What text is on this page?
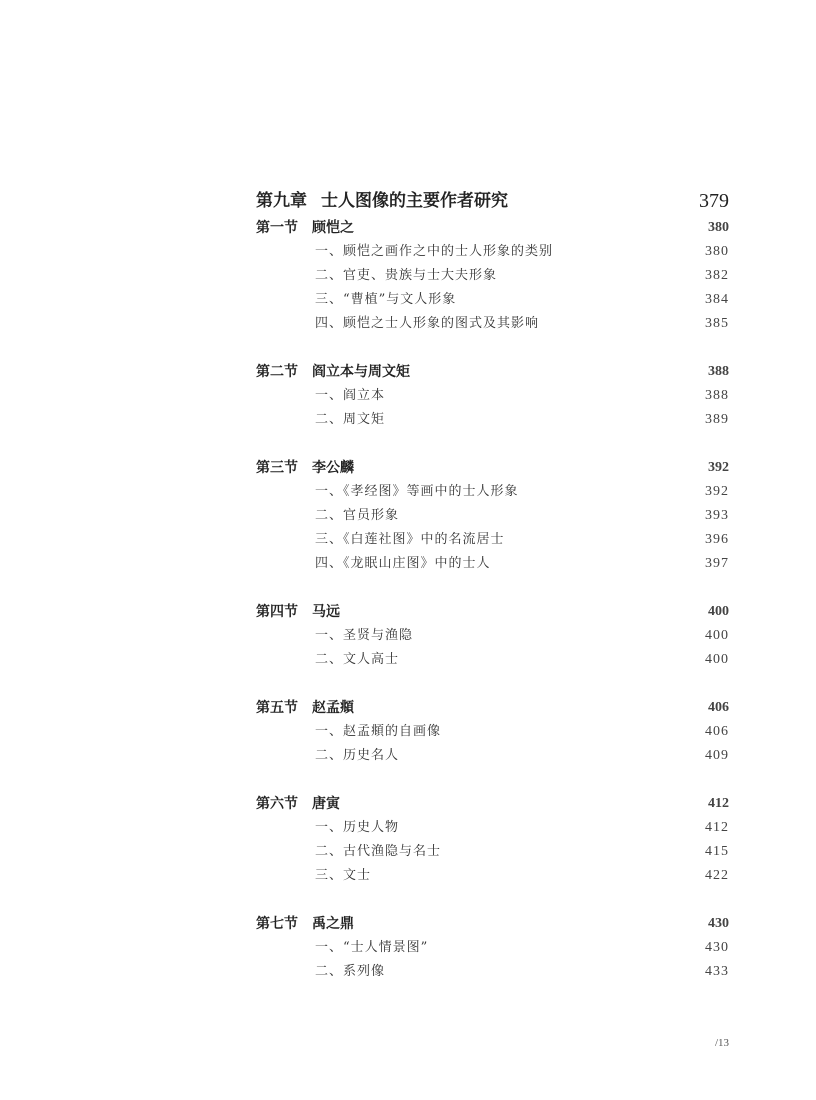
第九章 士人图像的主要作者研究	379
第一节 顾恺之	380
一、顾恺之画作之中的士人形象的类别	380
二、官吏、贵族与士大夫形象	382
三、“曹植”与文人形象	384
四、顾恺之士人形象的图式及其影响	385
第二节 阎立本与周文矩	388
一、阎立本	388
二、周文矩	389
第三节 李公麟	392
一、《孝经图》等画中的士人形象	392
二、官员形象	393
三、《白莲社图》中的名流居士	396
四、《龙眠山庄图》中的士人	397
第四节 马远	400
一、圣贤与渔隐	400
二、文人高士	400
第五节 赵孟頫	406
一、赵孟頫的自画像	406
二、历史名人	409
第六节 唐寅	412
一、历史人物	412
二、古代渔隐与名士	415
三、文士	422
第七节 禹之鼎	430
一、“士人情景图”	430
二、系列像	433
/13
